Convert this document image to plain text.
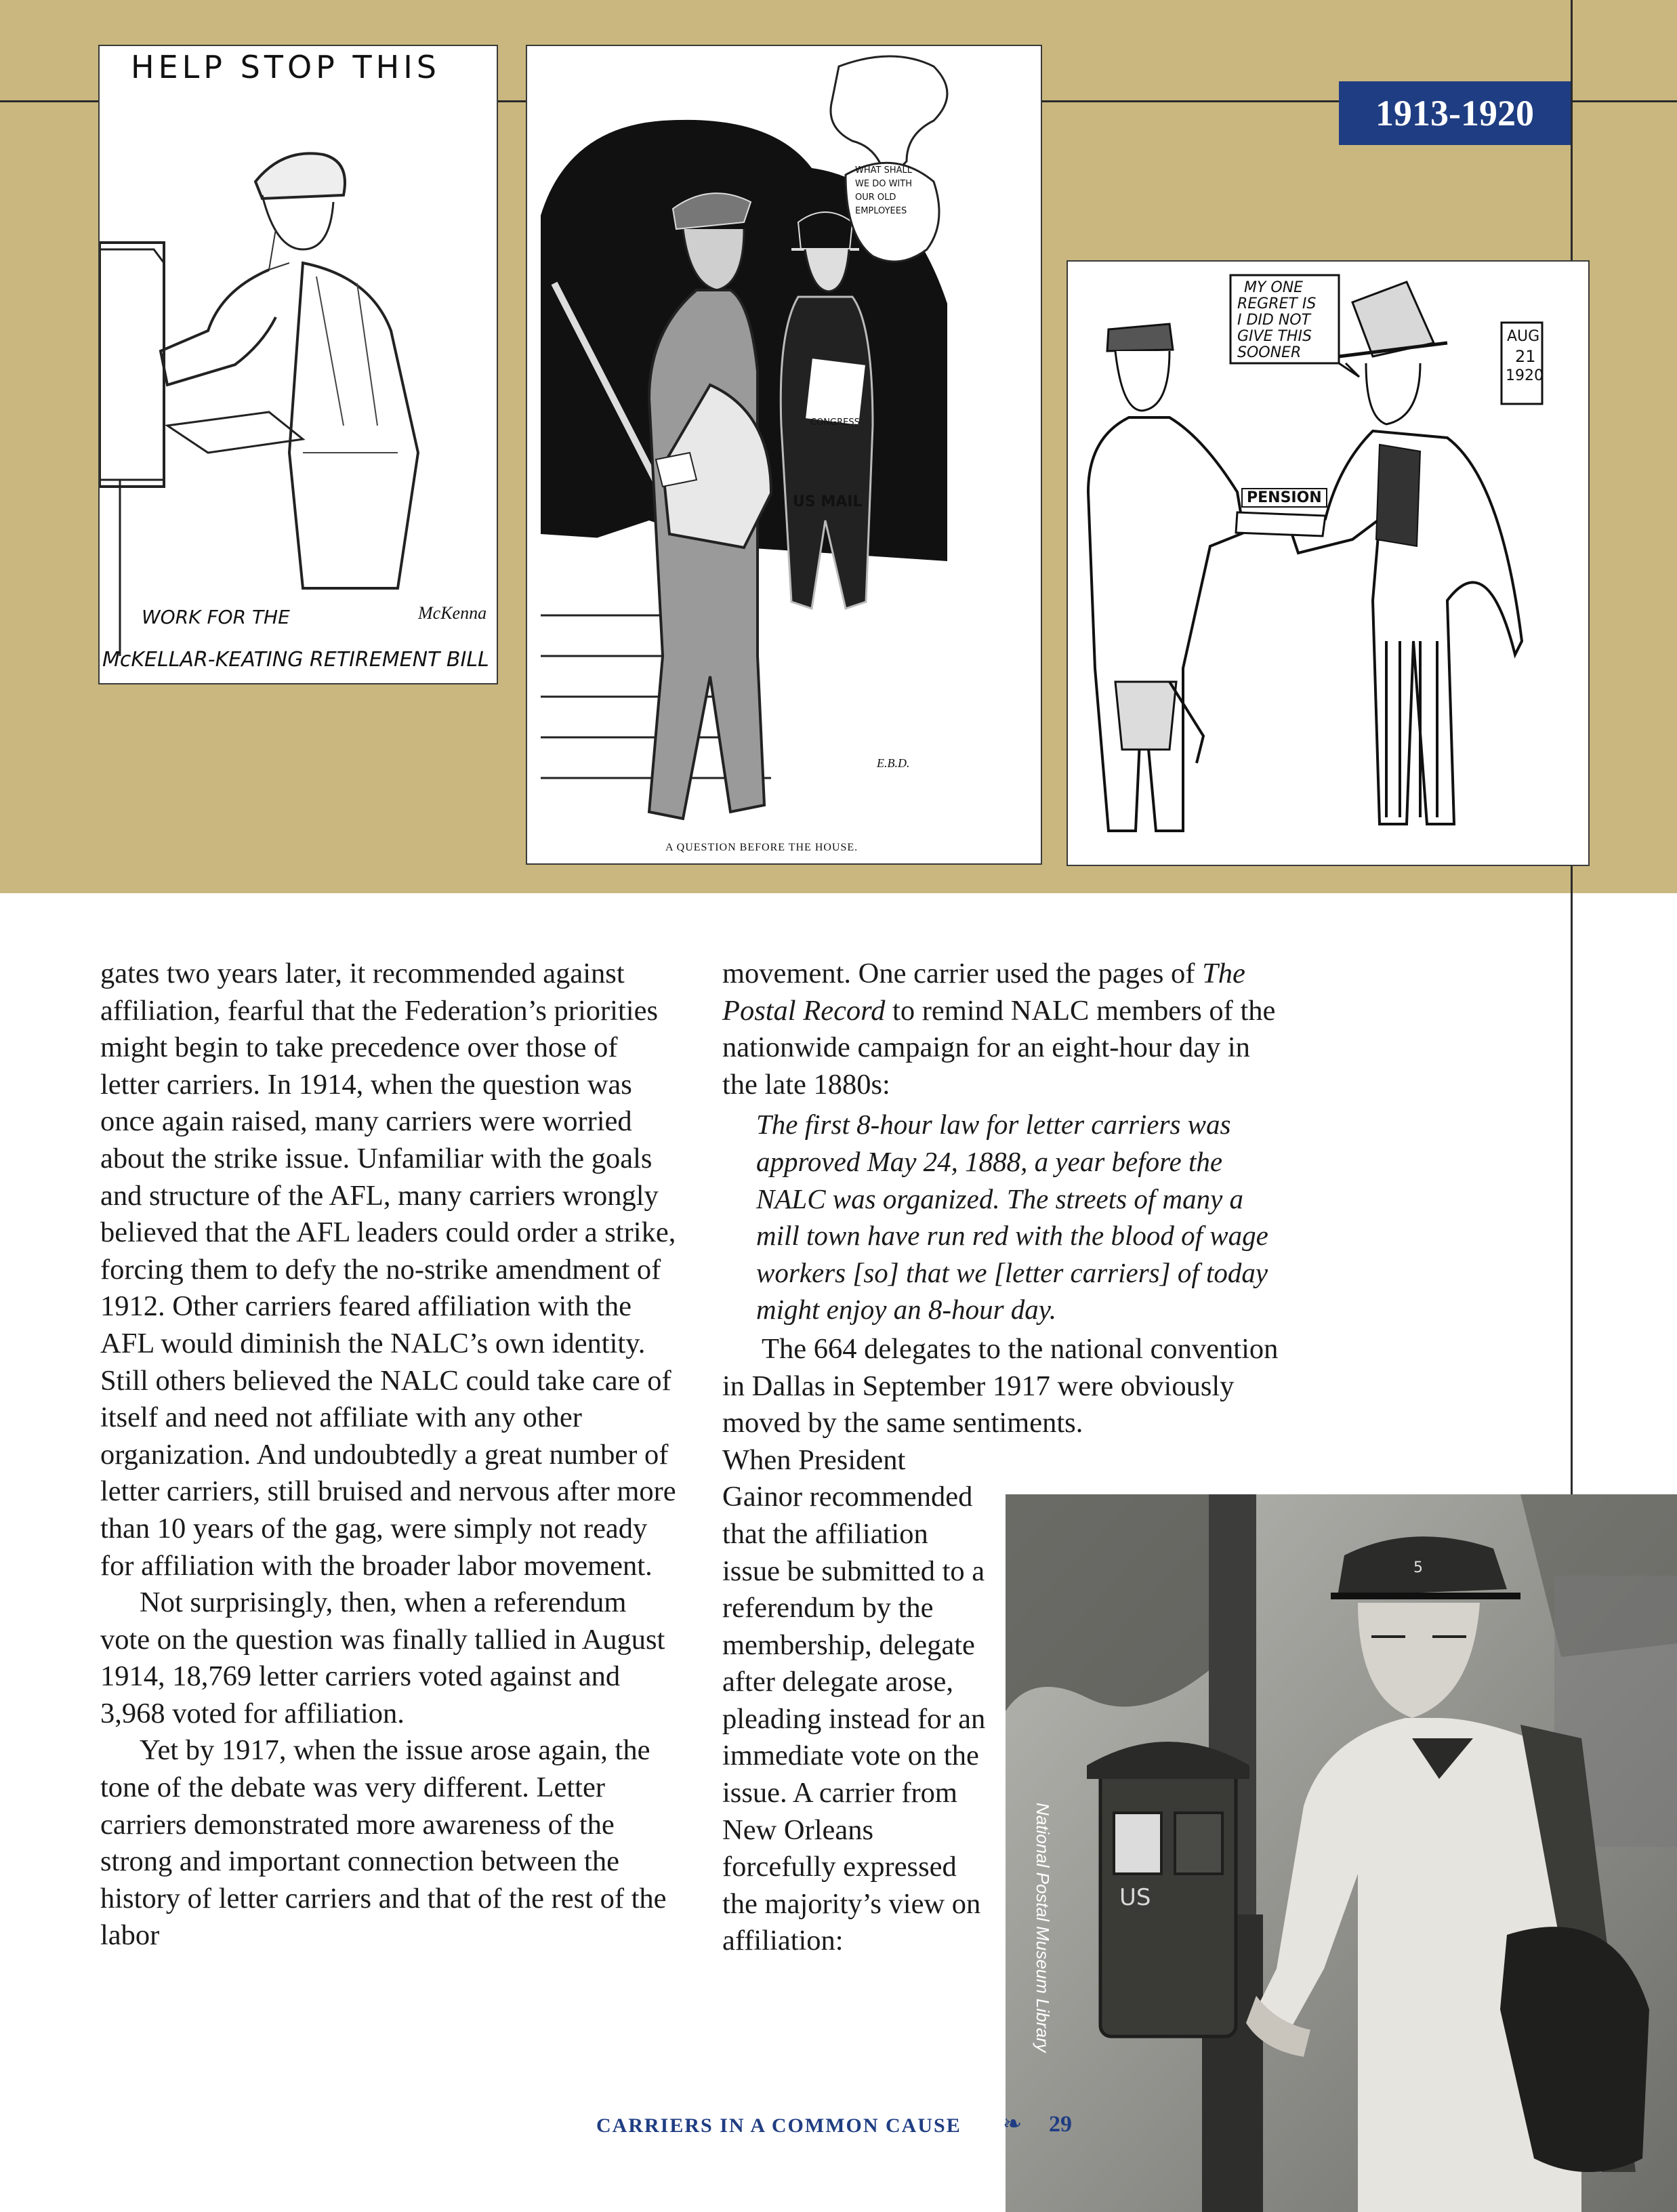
1913-1920
HELP STOP THIS
WORK FOR THE
McKELLAR-KEATING RETIREMENT BILL
McKenna
WHAT SHALL
WE DO WITH
OUR OLD
EMPLOYEES
US MAIL
CONGRESS
E.B.D.
A QUESTION BEFORE THE HOUSE.
MY ONE
REGRET IS
I DID NOT
GIVE THIS
SOONER
AUG
21
1920
PENSION

gates two years later, it recommended against affiliation, fearful that the Federation’s priorities might begin to take precedence over those of letter carriers. In 1914, when the question was once again raised, many carriers were worried about the strike issue. Unfamiliar with the goals and structure of the AFL, many carriers wrongly believed that the AFL leaders could order a strike, forcing them to defy the no-strike amendment of 1912. Other carriers feared affiliation with the AFL would diminish the NALC’s own identity. Still others believed the NALC could take care of itself and need not affiliate with any other organization. And undoubtedly a great number of letter carriers, still bruised and nervous after more than 10 years of the gag, were simply not ready for affiliation with the broader labor movement.

Not surprisingly, then, when a referendum vote on the question was finally tallied in August 1914, 18,769 letter carriers voted against and 3,968 voted for affiliation.

Yet by 1917, when the issue arose again, the tone of the debate was very different. Letter carriers demonstrated more awareness of the strong and important connection between the history of letter carriers and that of the rest of the labor

movement. One carrier used the pages of The Postal Record to remind NALC members of the nationwide campaign for an eight-hour day in the late 1880s:

The first 8-hour law for letter carriers was approved May 24, 1888, a year before the NALC was organized. The streets of many a mill town have run red with the blood of wage workers [so] that we [letter carriers] of today might enjoy an 8-hour day.

The 664 delegates to the national convention in Dallas in September 1917 were obviously moved by the same sentiments.

When President Gainor recommended that the affiliation issue be submitted to a referendum by the membership, delegate after delegate arose, pleading instead for an immediate vote on the issue. A carrier from New Orleans forcefully expressed the majority’s view on affiliation:

US
5
National Postal Museum Library
CARRIERS IN A COMMON CAUSE ❧ 29
